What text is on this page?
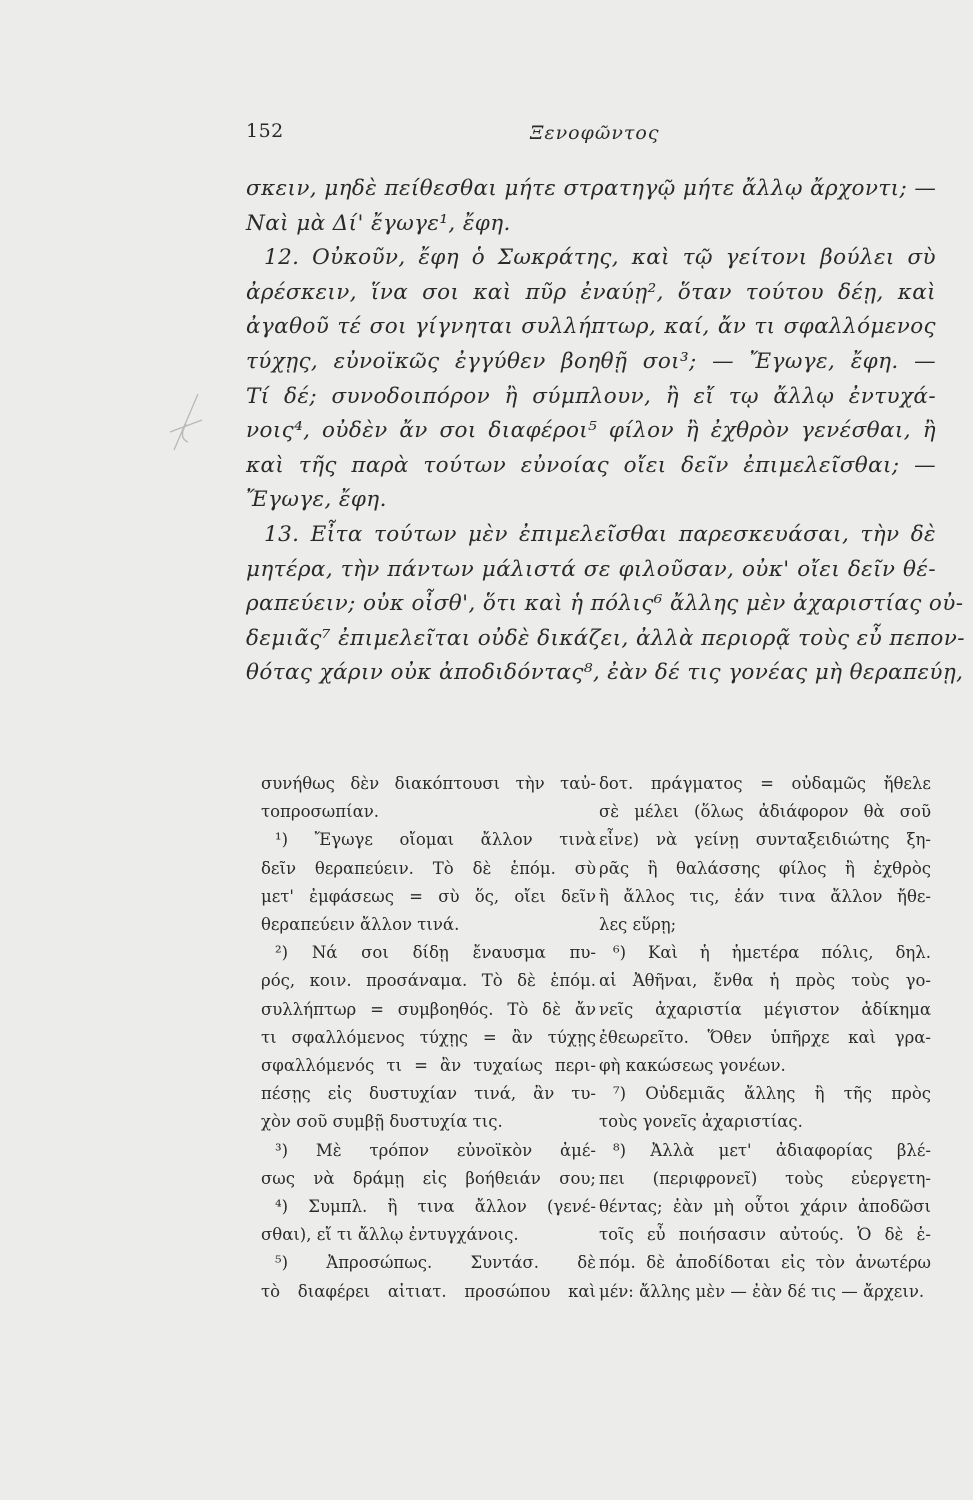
152	Ξενοφῶντος
σκειν, μηδὲ πείθεσθαι μήτε στρατηγῷ μήτε ἄλλῳ ἄρχοντι; —
Ναὶ μὰ Δί' ἔγωγε¹, ἔφη.
12. Οὐκοῦν, ἔφη ὁ Σωκράτης, καὶ τῷ γείτονι βούλει σὺ
ἀρέσκειν, ἵνα σοι καὶ πῦρ ἐναύῃ², ὅταν τούτου δέῃ, καὶ
ἀγαθοῦ τέ σοι γίγνηται συλλήπτωρ, καί, ἄν τι σφαλλόμενος
τύχῃς, εὐνοϊκῶς ἐγγύθεν βοηθῇ σοι³; — Ἔγωγε, ἔφη. —
Τί δέ; συνοδοιπόρον ἢ σύμπλουν, ἢ εἴ τῳ ἄλλῳ ἐντυχά-
νοις⁴, οὐδὲν ἄν σοι διαφέροι⁵ φίλον ἢ ἐχθρὸν γενέσθαι, ἢ
καὶ τῆς παρὰ τούτων εὐνοίας οἴει δεῖν ἐπιμελεῖσθαι; —
Ἔγωγε, ἔφη.
13. Εἶτα τούτων μὲν ἐπιμελεῖσθαι παρεσκευάσαι, τὴν δὲ
μητέρα, τὴν πάντων μάλιστά σε φιλοῦσαν, οὐκ' οἴει δεῖν θέ-
ραπεύειν; οὐκ οἶσθ', ὅτι καὶ ἡ πόλις⁶ ἄλλης μὲν ἀχαριστίας οὐ-
δεμιᾶς⁷ ἐπιμελεῖται οὐδὲ δικάζει, ἀλλὰ περιορᾷ τοὺς εὖ πεπον-
θότας χάριν οὐκ ἀποδιδόντας⁸, ἐὰν δέ τις γονέας μὴ θεραπεύῃ,
συνήθως δὲν διακόπτουσι τὴν ταὐ-
τοπροσωπίαν.
¹) Ἔγωγε οἴομαι ἄλλον τινὰ
δεῖν θεραπεύειν. Τὸ δὲ ἑπόμ. σὺ
μετ' ἐμφάσεως = σὺ ὅς, οἴει δεῖν
θεραπεύειν ἄλλον τινά.
²) Νά σοι δίδῃ ἔναυσμα πυ-
ρός, κοιν. προσάναμα. Τὸ δὲ ἑπόμ.
συλλήπτωρ = συμβοηθός. Τὸ δὲ ἄν
τι σφαλλόμενος τύχῃς = ἂν τύχῃς
σφαλλόμενός τι = ἂν τυχαίως περι-
πέσῃς εἰς δυστυχίαν τινά, ἂν τυ-
χὸν σοῦ συμβῇ δυστυχία τις.
³) Μὲ τρόπον εὐνοϊκὸν ἀμέ-
σως νὰ δράμῃ εἰς βοήθειάν σου;
⁴) Συμπλ. ἢ τινα ἄλλον (γενέ-
σθαι), εἴ τι ἄλλῳ ἐντυγχάνοις.
⁵) Ἀπροσώπως. Συντάσ. δὲ
τὸ διαφέρει αἰτιατ. προσώπου καὶ
δοτ. πράγματος = οὐδαμῶς ἤθελε
σὲ μέλει (ὅλως ἀδιάφορον θὰ σοῦ
εἶνε) νὰ γείνῃ συνταξειδιώτης ξη-
ρᾶς ἢ θαλάσσης φίλος ἢ ἐχθρὸς
ἢ ἄλλος τις, ἐάν τινα ἄλλον ἤθε-
λες εὕρῃ;
⁶) Καὶ ἡ ἡμετέρα πόλις, δηλ.
αἱ Ἀθῆναι, ἔνθα ἡ πρὸς τοὺς γο-
νεῖς ἀχαριστία μέγιστον ἀδίκημα
ἐθεωρεῖτο. Ὅθεν ὑπῆρχε καὶ γρα-
φὴ κακώσεως γονέων.
⁷) Οὐδεμιᾶς ἄλλης ἢ τῆς πρὸς
τοὺς γονεῖς ἀχαριστίας.
⁸) Ἀλλὰ μετ' ἀδιαφορίας βλέ-
πει (περιφρονεῖ) τοὺς εὐεργετη-
θέντας; ἐὰν μὴ οὗτοι χάριν ἀποδῶσι
τοῖς εὖ ποιήσασιν αὐτούς. Ὁ δὲ ἑ-
πόμ. δὲ ἀποδίδοται εἰς τὸν ἀνωτέρω
μέν: ἄλλης μὲν — ἐὰν δέ τις — ἄρχειν.
